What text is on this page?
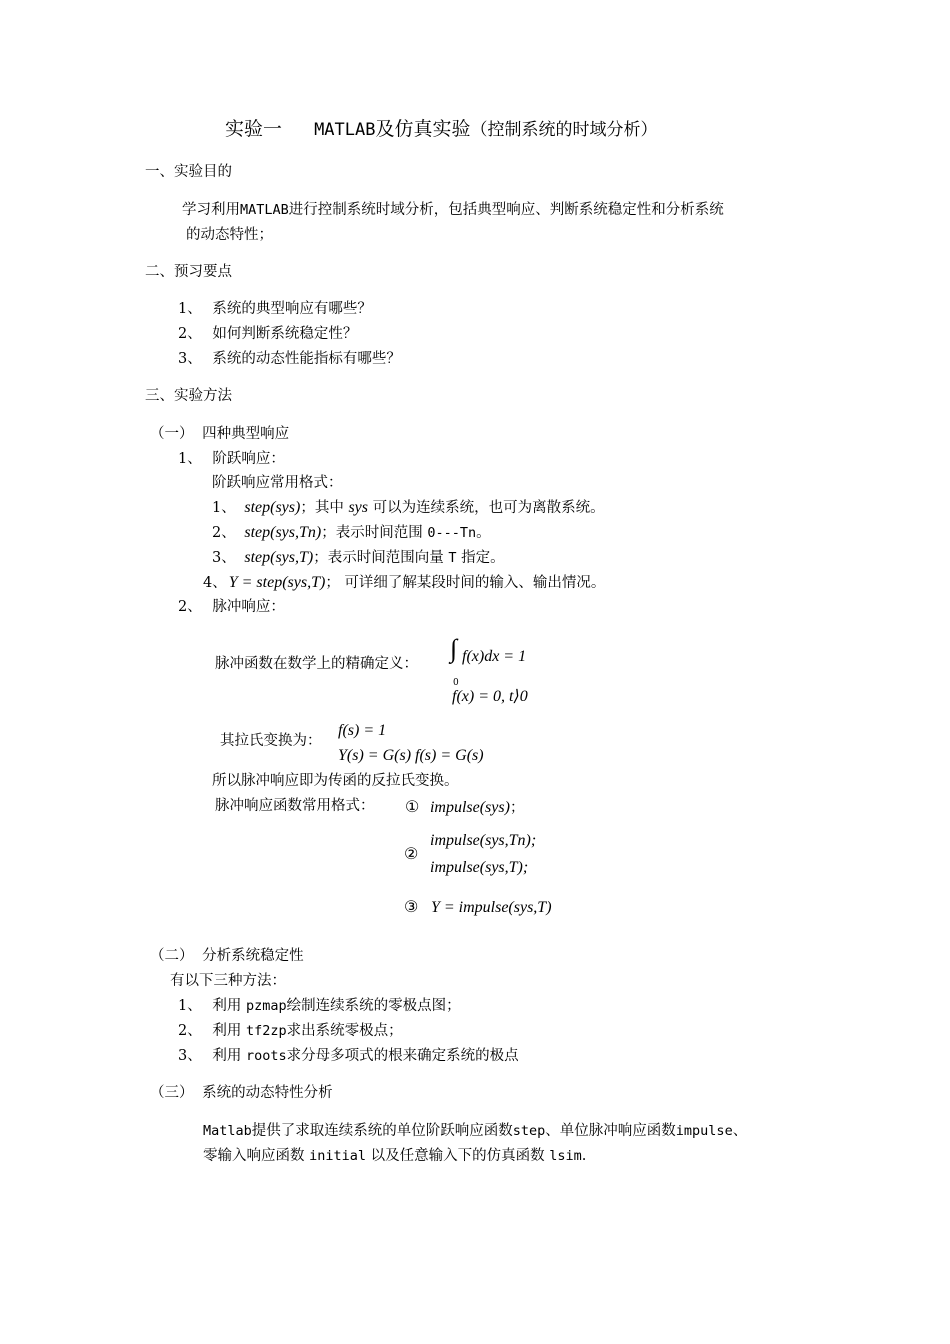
实验一 MATLAB及仿真实验（控制系统的时域分析）
一、实验目的
学习利用MATLAB进行控制系统时域分析，包括典型响应、判断系统稳定性和分析系统
的动态特性；
二、预习要点
1、 系统的典型响应有哪些？
2、 如何判断系统稳定性？
3、 系统的动态性能指标有哪些？
三、实验方法
（一） 四种典型响应
1、 阶跃响应：
阶跃响应常用格式：
1、 step(sys)；其中 sys 可以为连续系统，也可为离散系统。
2、 step(sys,Tn)；表示时间范围 0---Tn。
3、 step(sys,T)；表示时间范围向量 T 指定。
4、 Y = step(sys,T)； 可详细了解某段时间的输入、输出情况。
2、 脉冲响应：
脉冲函数在数学上的精确定义：
∫ f(x)dx = 1
0
f(x) = 0, t⟩0
其拉氏变换为：
f(s) = 1
Y(s) = G(s) f(s) = G(s)
所以脉冲响应即为传函的反拉氏变换。
脉冲响应函数常用格式： ① impulse(sys)；
②
impulse(sys,Tn);
impulse(sys,T);
③ Y = impulse(sys,T)
（二） 分析系统稳定性
有以下三种方法：
1、 利用 pzmap绘制连续系统的零极点图；
2、 利用 tf2zp求出系统零极点；
3、 利用 roots求分母多项式的根来确定系统的极点
（三） 系统的动态特性分析
Matlab提供了求取连续系统的单位阶跃响应函数step、单位脉冲响应函数impulse、
零输入响应函数 initial 以及任意输入下的仿真函数 lsim.
